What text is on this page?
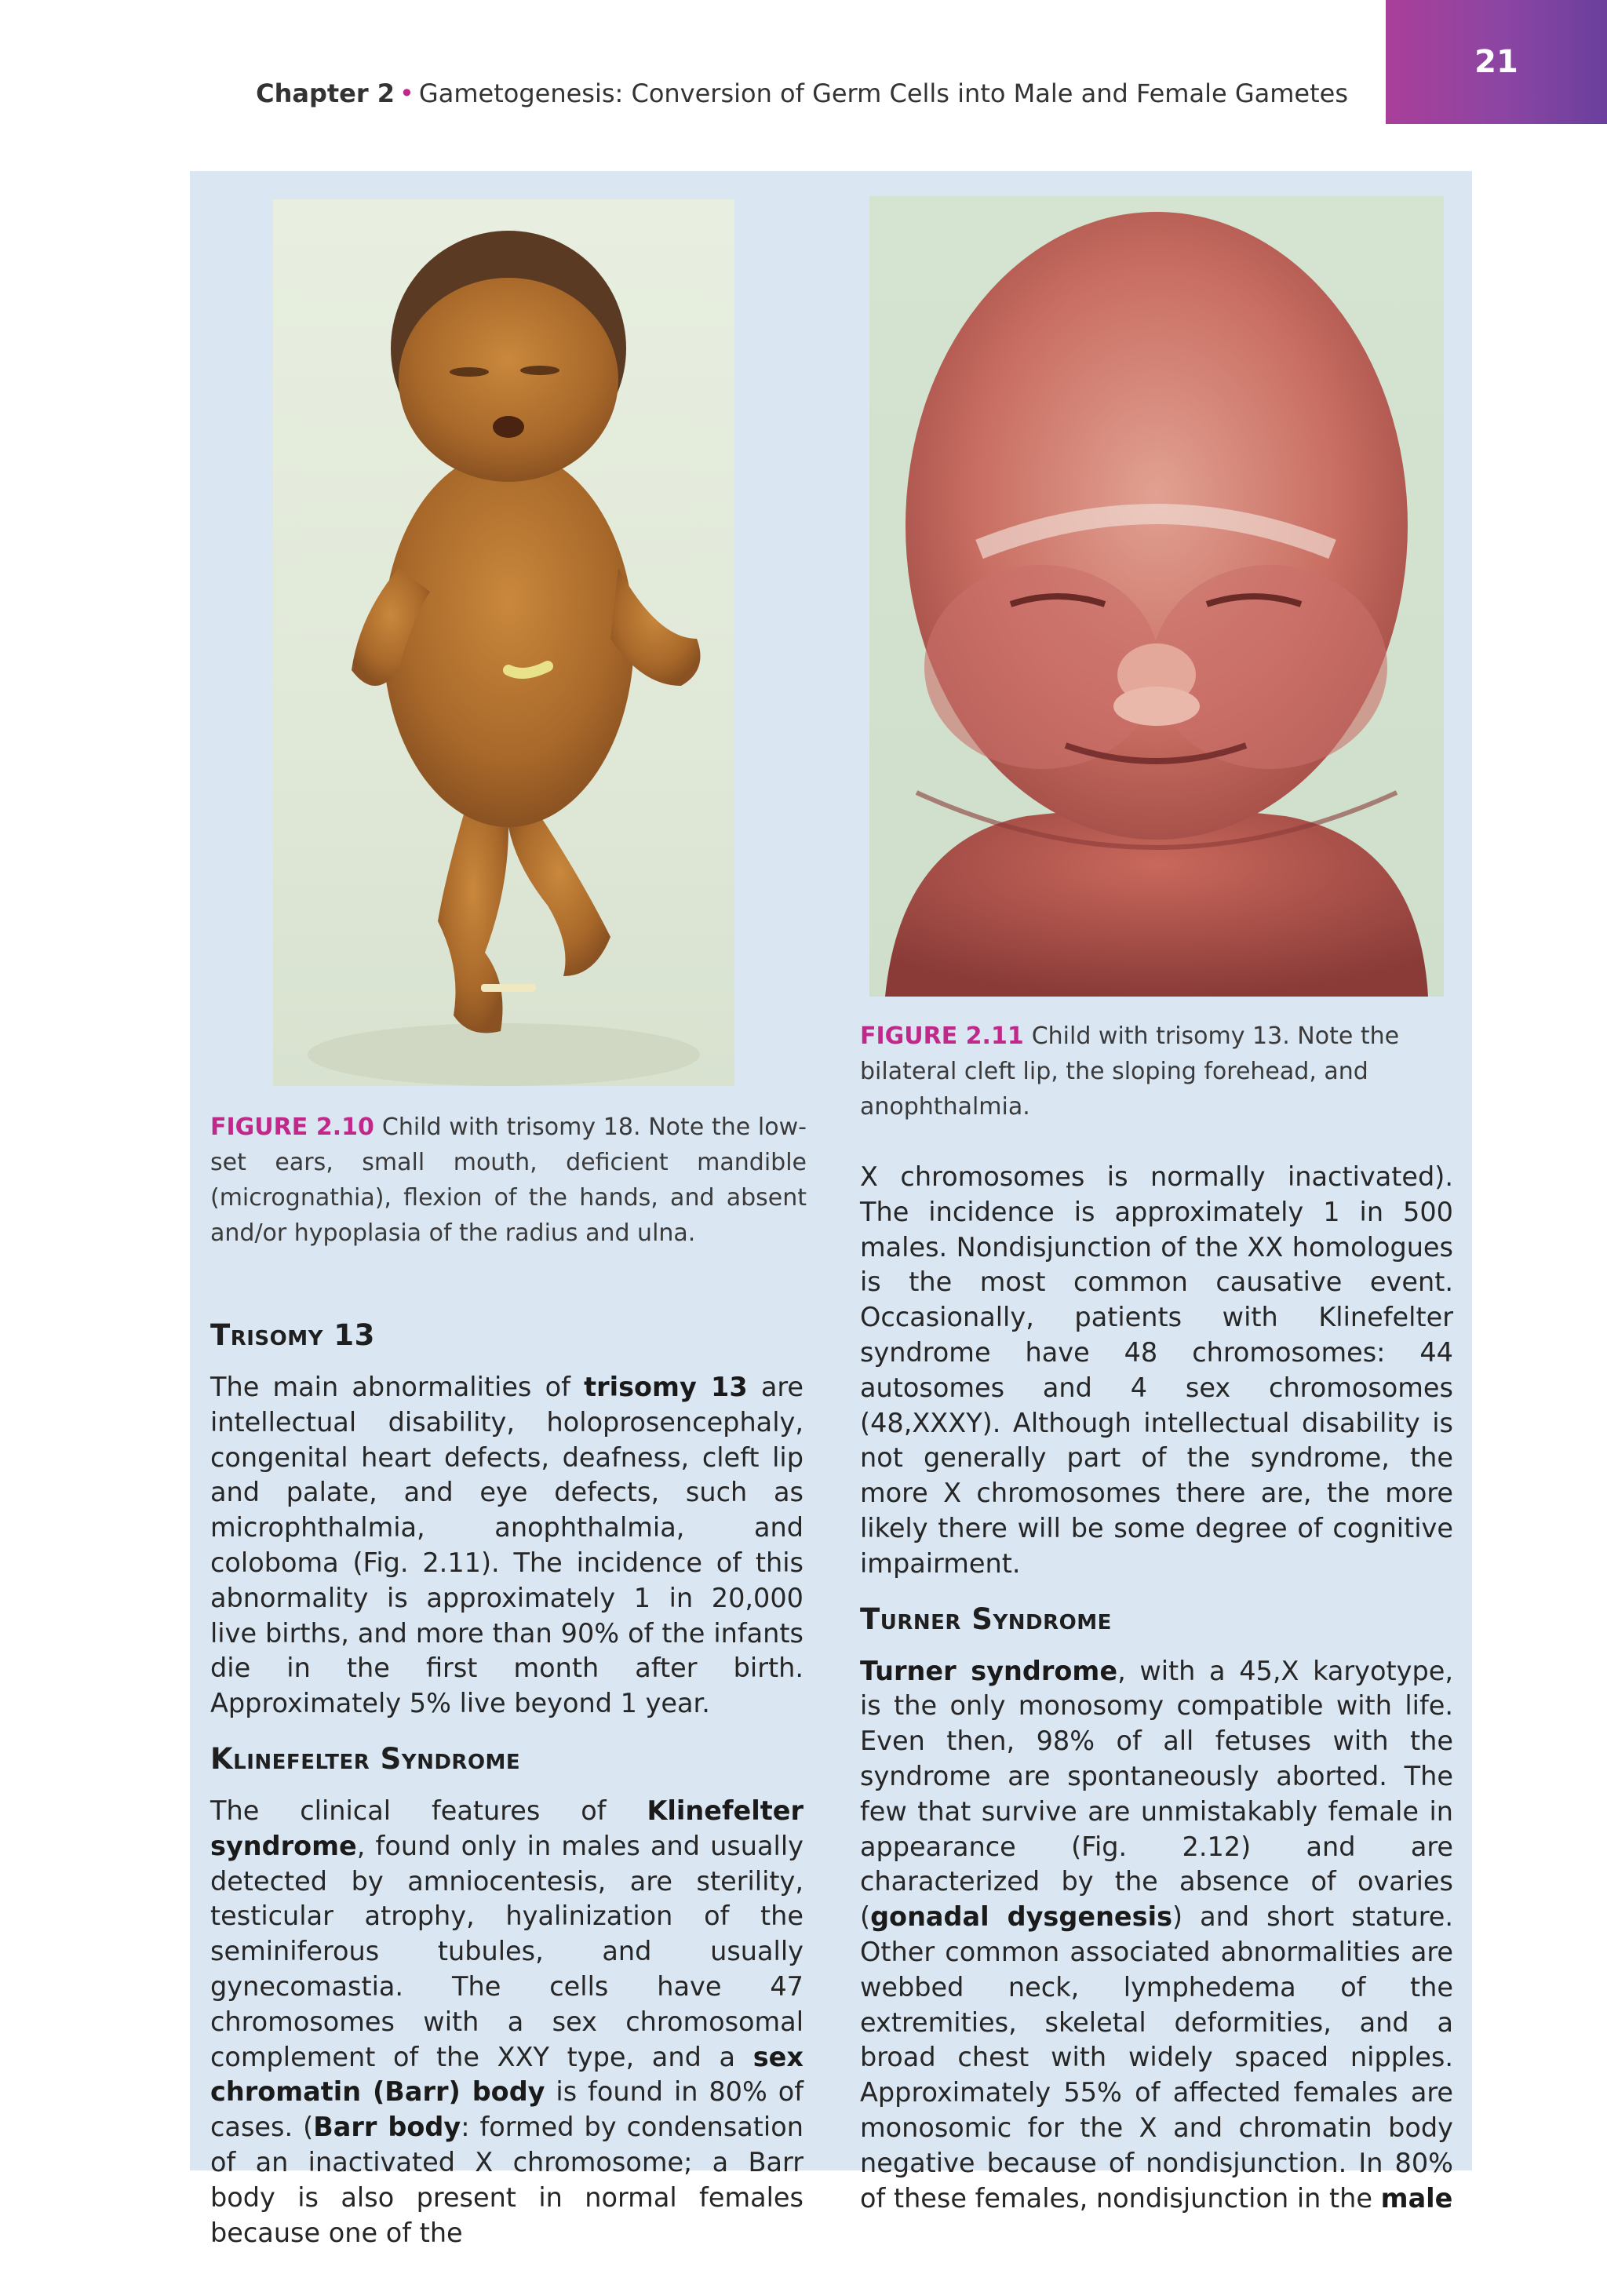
Chapter 2 • Gametogenesis: Conversion of Germ Cells into Male and Female Gametes
21
FIGURE 2.10 Child with trisomy 18. Note the low-set ears, small mouth, deficient mandible (micrognathia), flexion of the hands, and absent and/or hypoplasia of the radius and ulna.
FIGURE 2.11 Child with trisomy 13. Note the bilateral cleft lip, the sloping forehead, and anophthalmia.
Trisomy 13

The main abnormalities of trisomy 13 are intellectual disability, holoprosencephaly, congenital heart defects, deafness, cleft lip and palate, and eye defects, such as microphthalmia, anophthalmia, and coloboma (Fig. 2.11). The incidence of this abnormality is approximately 1 in 20,000 live births, and more than 90% of the infants die in the first month after birth. Approximately 5% live beyond 1 year.

Klinefelter Syndrome

The clinical features of Klinefelter syndrome, found only in males and usually detected by amniocentesis, are sterility, testicular atrophy, hyalinization of the seminiferous tubules, and usually gynecomastia. The cells have 47 chromosomes with a sex chromosomal complement of the XXY type, and a sex chromatin (Barr) body is found in 80% of cases. (Barr body: formed by condensation of an inactivated X chromosome; a Barr body is also present in normal females because one of the

X chromosomes is normally inactivated). The incidence is approximately 1 in 500 males. Nondisjunction of the XX homologues is the most common causative event. Occasionally, patients with Klinefelter syndrome have 48 chromosomes: 44 autosomes and 4 sex chromosomes (48,XXXY). Although intellectual disability is not generally part of the syndrome, the more X chromosomes there are, the more likely there will be some degree of cognitive impairment.

Turner Syndrome

Turner syndrome, with a 45,X karyotype, is the only monosomy compatible with life. Even then, 98% of all fetuses with the syndrome are spontaneously aborted. The few that survive are unmistakably female in appearance (Fig. 2.12) and are characterized by the absence of ovaries (gonadal dysgenesis) and short stature. Other common associated abnormalities are webbed neck, lymphedema of the extremities, skeletal deformities, and a broad chest with widely spaced nipples. Approximately 55% of affected females are monosomic for the X and chromatin body negative because of nondisjunction. In 80% of these females, nondisjunction in the male
